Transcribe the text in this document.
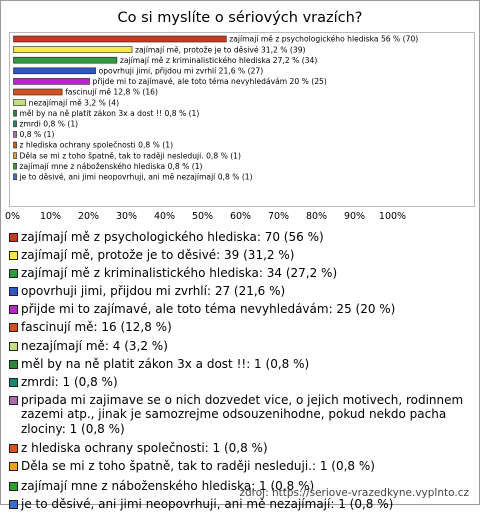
Co si myslíte o sériových vrazích?
zajímají mě z psychologického hlediska 56 % (70)
zajímají mě, protože je to děsivé 31,2 % (39)
zajímají mě z kriminalistického hlediska 27,2 % (34)
opovrhuji jimi, přijdou mi zvrhlí 21,6 % (27)
přijde mi to zajímavé, ale toto téma nevyhledávám 20 % (25)
fascinují mě 12,8 % (16)
nezajímají mě 3,2 % (4)
měl by na ně platit zákon 3x a dost !! 0,8 % (1)
zmrdi 0,8 % (1)
0,8 % (1)
z hlediska ochrany společnosti 0,8 % (1)
Děla se mi z toho špatně, tak to raději nesleduji. 0,8 % (1)
zajímají mne z náboženského hlediska 0,8 % (1)
je to děsivé, ani jimi neopovrhuji, ani mě nezajímají 0,8 % (1)
0% 10% 20% 30% 40% 50% 60% 70% 80% 90% 100%
zajímají mě z psychologického hlediska: 70 (56 %)
zajímají mě, protože je to děsivé: 39 (31,2 %)
zajímají mě z kriminalistického hlediska: 34 (27,2 %)
opovrhuji jimi, přijdou mi zvrhlí: 27 (21,6 %)
přijde mi to zajímavé, ale toto téma nevyhledávám: 25 (20 %)
fascinují mě: 16 (12,8 %)
nezajímají mě: 4 (3,2 %)
měl by na ně platit zákon 3x a dost !!: 1 (0,8 %)
zmrdi: 1 (0,8 %)
pripada mi zajimave se o nich dozvedet vice, o jejich motivech, rodinnem zazemi atp., jinak je samozrejme odsouzenihodne, pokud nekdo pacha zlociny: 1 (0,8 %)
z hlediska ochrany společnosti: 1 (0,8 %)
Děla se mi z toho špatně, tak to raději nesleduji.: 1 (0,8 %)
zajímají mne z náboženského hlediska: 1 (0,8 %)
je to děsivé, ani jimi neopovrhuji, ani mě nezajímají: 1 (0,8 %)
zdroj: https://seriove-vrazedkyne.vyplnto.cz
